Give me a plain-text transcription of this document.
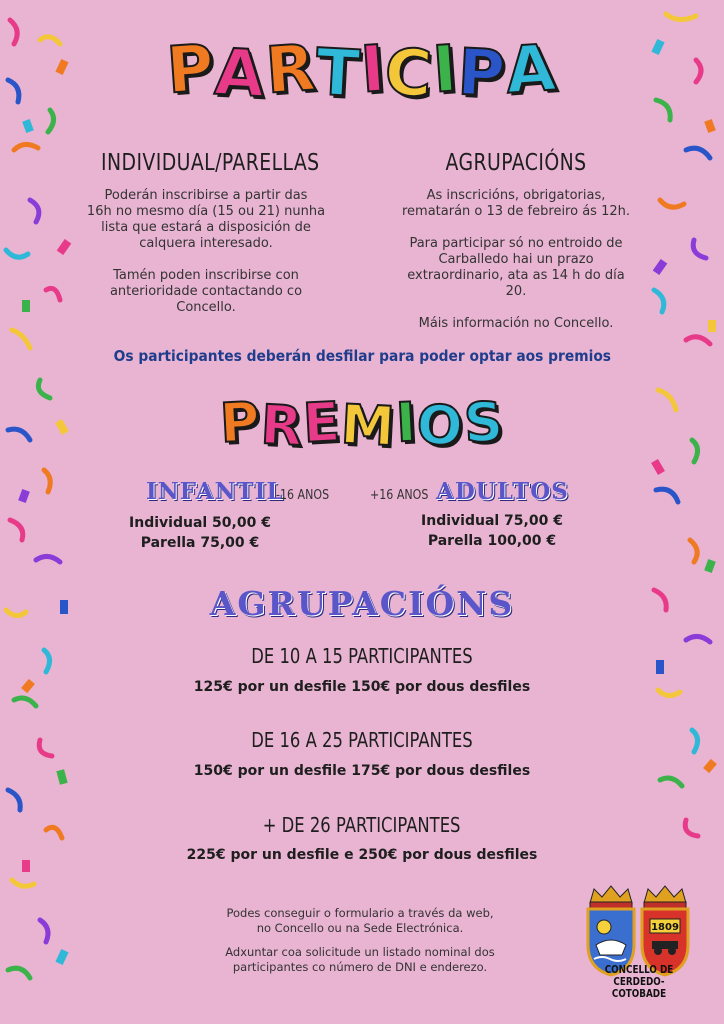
PARTICIPA
INDIVIDUAL/PARELLAS

Poderán inscribirse a partir das

16h no mesmo día (15 ou 21) nunha

lista que estará a disposición de

calquera interesado.

Tamén poden inscribirse con

anterioridade contactando co

Concello.

AGRUPACIÓNS

As inscricións, obrigatorias,

rematarán o 13 de febreiro ás 12h.

Para participar só no entroido de

Carballedo hai un prazo

extraordinario, ata as 14 h do día

20.

Máis información no Concello.

Os participantes deberán desfilar para poder optar aos premios
PREMIOS
INFANTIL
-16 ANOS
Individual 50,00 €
Parella 75,00 €
+16 ANOS ADULTOS
Individual 75,00 €
Parella 100,00 €
AGRUPACIÓNS
DE 10 A 15 PARTICIPANTES
125€ por un desfile 150€ por dous desfiles
DE 16 A 25 PARTICIPANTES
150€ por un desfile 175€ por dous desfiles
+ DE 26 PARTICIPANTES
225€ por un desfile e 250€ por dous desfiles

Podes conseguir o formulario a través da web,
no Concello ou na Sede Electrónica.

Adxuntar coa solicitude un listado nominal dos
participantes co número de DNI e enderezo.

1809
CONCELLO DE
CERDEDO-COTOBADE
